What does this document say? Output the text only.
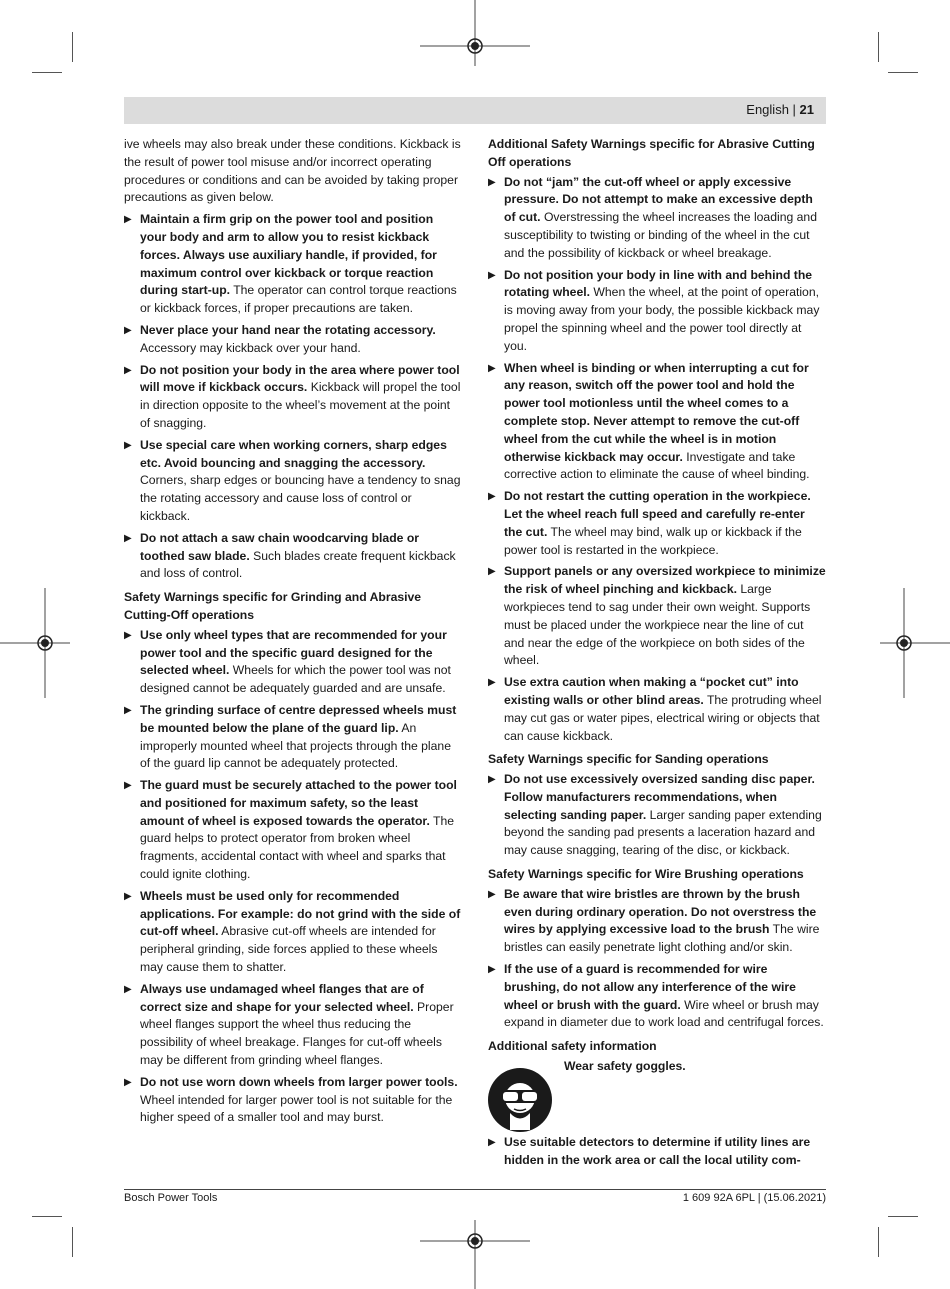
English | 21

ive wheels may also break under these conditions. Kickback is the result of power tool misuse and/or incorrect operating procedures or conditions and can be avoided by taking proper precautions as given below.

▶ Maintain a firm grip on the power tool and position your body and arm to allow you to resist kickback forces. Always use auxiliary handle, if provided, for maximum control over kickback or torque reaction during start-up. The operator can control torque reactions or kickback forces, if proper precautions are taken.
▶ Never place your hand near the rotating accessory. Accessory may kickback over your hand.
▶ Do not position your body in the area where power tool will move if kickback occurs. Kickback will propel the tool in direction opposite to the wheel’s movement at the point of snagging.
▶ Use special care when working corners, sharp edges etc. Avoid bouncing and snagging the accessory. Corners, sharp edges or bouncing have a tendency to snag the rotating accessory and cause loss of control or kickback.
▶ Do not attach a saw chain woodcarving blade or toothed saw blade. Such blades create frequent kickback and loss of control.
Safety Warnings specific for Grinding and Abrasive Cutting-Off operations
▶ Use only wheel types that are recommended for your power tool and the specific guard designed for the selected wheel. Wheels for which the power tool was not designed cannot be adequately guarded and are unsafe.
▶ The grinding surface of centre depressed wheels must be mounted below the plane of the guard lip. An improperly mounted wheel that projects through the plane of the guard lip cannot be adequately protected.
▶ The guard must be securely attached to the power tool and positioned for maximum safety, so the least amount of wheel is exposed towards the operator. The guard helps to protect operator from broken wheel fragments, accidental contact with wheel and sparks that could ignite clothing.
▶ Wheels must be used only for recommended applications. For example: do not grind with the side of cut-off wheel. Abrasive cut-off wheels are intended for peripheral grinding, side forces applied to these wheels may cause them to shatter.
▶ Always use undamaged wheel flanges that are of correct size and shape for your selected wheel. Proper wheel flanges support the wheel thus reducing the possibility of wheel breakage. Flanges for cut-off wheels may be different from grinding wheel flanges.
▶ Do not use worn down wheels from larger power tools. Wheel intended for larger power tool is not suitable for the higher speed of a smaller tool and may burst.
Additional Safety Warnings specific for Abrasive Cutting Off operations
▶ Do not “jam” the cut-off wheel or apply excessive pressure. Do not attempt to make an excessive depth of cut. Overstressing the wheel increases the loading and susceptibility to twisting or binding of the wheel in the cut and the possibility of kickback or wheel breakage.
▶ Do not position your body in line with and behind the rotating wheel. When the wheel, at the point of operation, is moving away from your body, the possible kickback may propel the spinning wheel and the power tool directly at you.
▶ When wheel is binding or when interrupting a cut for any reason, switch off the power tool and hold the power tool motionless until the wheel comes to a complete stop. Never attempt to remove the cut-off wheel from the cut while the wheel is in motion otherwise kickback may occur. Investigate and take corrective action to eliminate the cause of wheel binding.
▶ Do not restart the cutting operation in the workpiece. Let the wheel reach full speed and carefully re-enter the cut. The wheel may bind, walk up or kickback if the power tool is restarted in the workpiece.
▶ Support panels or any oversized workpiece to minimize the risk of wheel pinching and kickback. Large workpieces tend to sag under their own weight. Supports must be placed under the workpiece near the line of cut and near the edge of the workpiece on both sides of the wheel.
▶ Use extra caution when making a “pocket cut” into existing walls or other blind areas. The protruding wheel may cut gas or water pipes, electrical wiring or objects that can cause kickback.
Safety Warnings specific for Sanding operations
▶ Do not use excessively oversized sanding disc paper. Follow manufacturers recommendations, when selecting sanding paper. Larger sanding paper extending beyond the sanding pad presents a laceration hazard and may cause snagging, tearing of the disc, or kickback.
Safety Warnings specific for Wire Brushing operations
▶ Be aware that wire bristles are thrown by the brush even during ordinary operation. Do not overstress the wires by applying excessive load to the brush The wire bristles can easily penetrate light clothing and/or skin.
▶ If the use of a guard is recommended for wire brushing, do not allow any interference of the wire wheel or brush with the guard. Wire wheel or brush may expand in diameter due to work load and centrifugal forces.
Additional safety information
Wear safety goggles.
▶ Use suitable detectors to determine if utility lines are hidden in the work area or call the local utility com-
Bosch Power Tools	1 609 92A 6PL | (15.06.2021)
